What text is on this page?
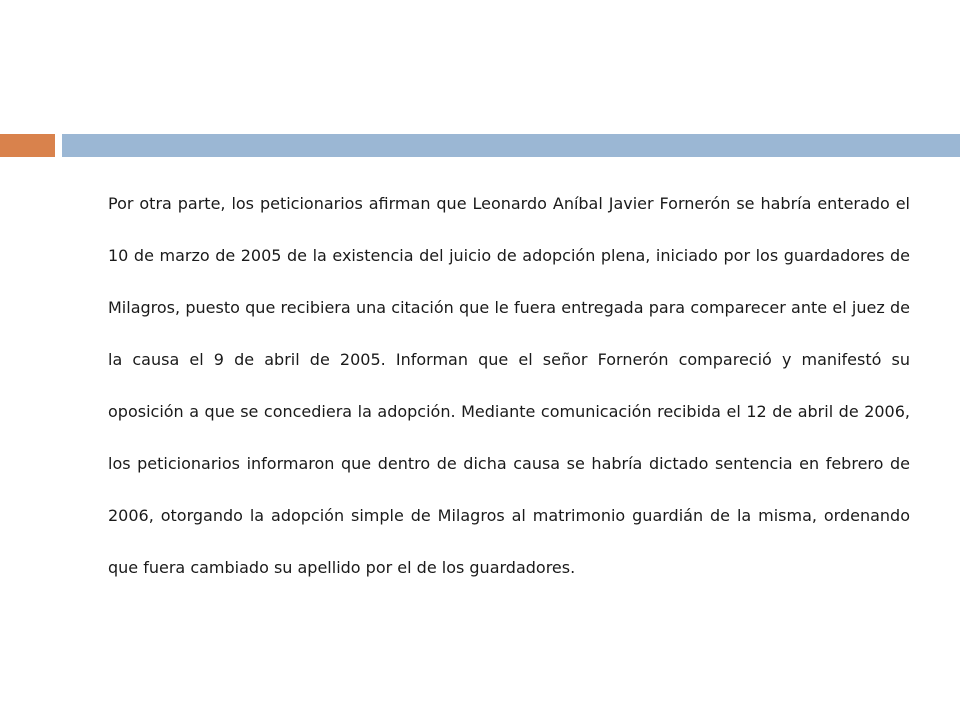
Por otra parte, los peticionarios afirman que Leonardo Aníbal Javier Fornerón se habría enterado el 10 de marzo de 2005 de la existencia del juicio de adopción plena, iniciado por los guardadores de Milagros, puesto que recibiera una citación que le fuera entregada para comparecer ante el juez de la causa el 9 de abril de 2005. Informan que el señor Fornerón compareció y manifestó su oposición a que se concediera la adopción. Mediante comunicación recibida el 12 de abril de 2006, los peticionarios informaron que dentro de dicha causa se habría dictado sentencia en febrero de 2006, otorgando la adopción simple de Milagros al matrimonio guardián de la misma, ordenando que fuera cambiado su apellido por el de los guardadores.
